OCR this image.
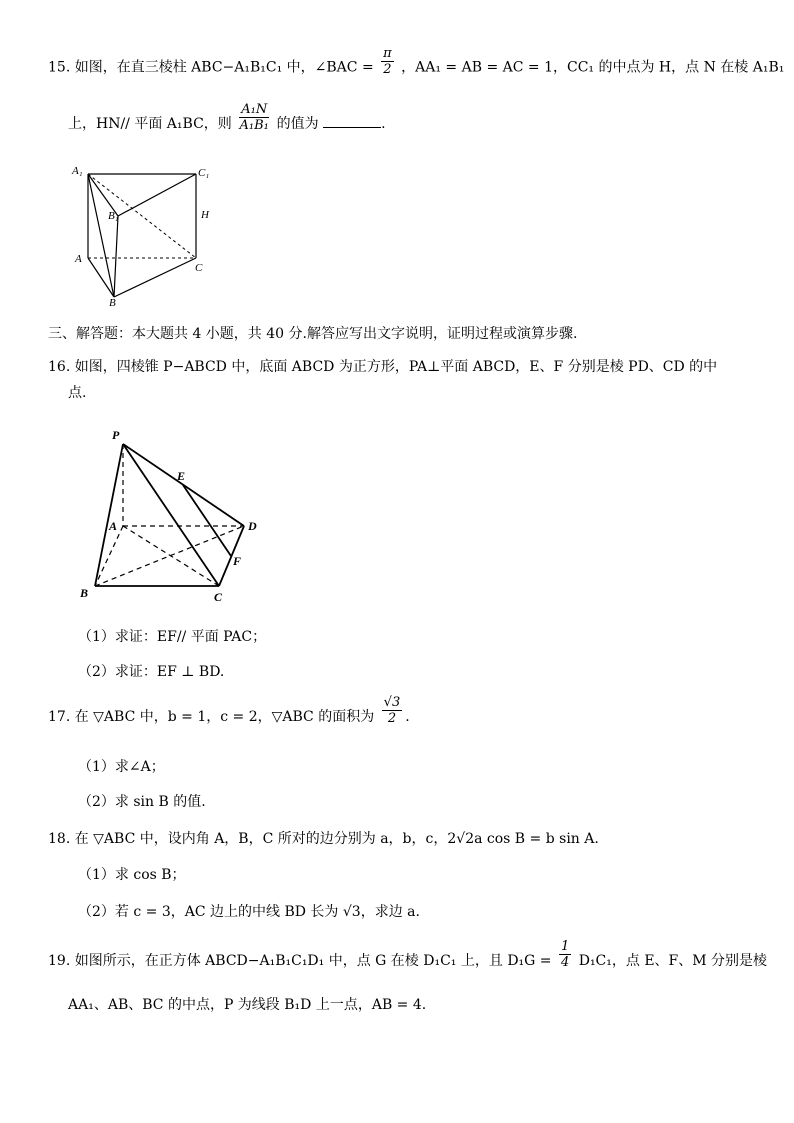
15. 如图，在直三棱柱 ABC−A₁B₁C₁ 中，∠BAC = $\frac{\pi}{2}$ ，AA₁ = AB = AC = 1，CC₁ 的中点为 H，点 N 在棱 A₁B₁
上，HN// 平面 A₁BC，则 $\frac{\text{A₁N}}{\text{A₁B₁}}$ 的值为	.
A₁	C₁
B₁	H
A
C
B
三、解答题：本大题共 4 小题，共 40 分.解答应写出文字说明，证明过程或演算步骤.
16. 如图，四棱锥 P−ABCD 中，底面 ABCD 为正方形，PA⊥平面 ABCD，E、F 分别是棱 PD、CD 的中
点.
P
E
A	D
F
B	C
（1）求证：EF// 平面 PAC；
（2）求证：EF ⊥ BD.
17. 在 ▽ABC 中，b = 1，c = 2，▽ABC 的面积为 $\frac{√3}{2}$ .
（1）求∠A；
（2）求 sin B 的值.
18. 在 ▽ABC 中，设内角 A，B，C 所对的边分别为 a，b，c，2√2a cos B = b sin A.
（1）求 cos B；
（2）若 c = 3，AC 边上的中线 BD 长为 √3，求边 a.
19. 如图所示，在正方体 ABCD−A₁B₁C₁D₁ 中，点 G 在棱 D₁C₁ 上，且 $D_1G = \frac{1}{4} D_1C_1$，点 E、F、M 分别是棱
AA₁、AB、BC 的中点，P 为线段 B₁D 上一点，AB = 4.
